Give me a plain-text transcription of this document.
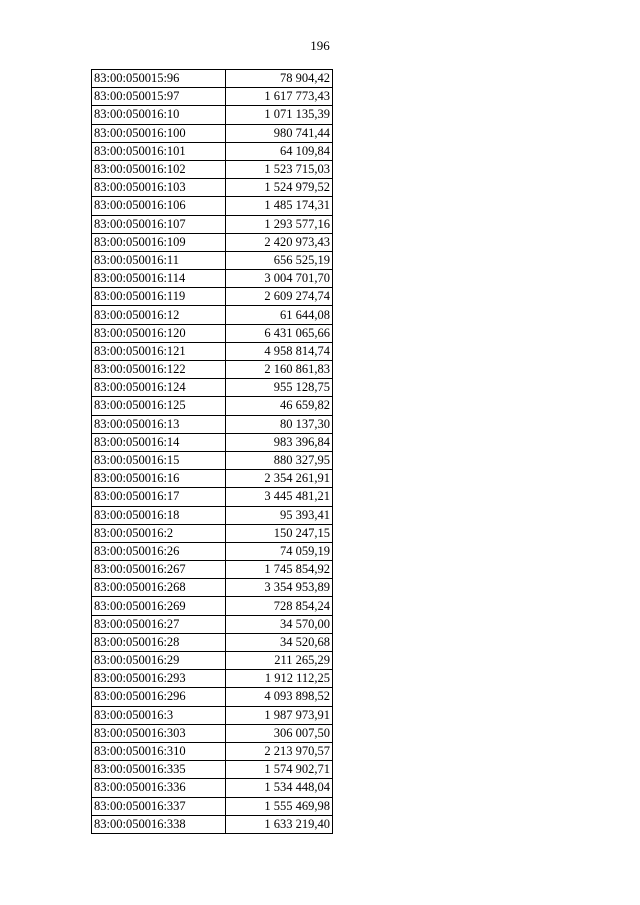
196
83:00:050015:96	78 904,42
83:00:050015:97	1 617 773,43
83:00:050016:10	1 071 135,39
83:00:050016:100	980 741,44
83:00:050016:101	64 109,84
83:00:050016:102	1 523 715,03
83:00:050016:103	1 524 979,52
83:00:050016:106	1 485 174,31
83:00:050016:107	1 293 577,16
83:00:050016:109	2 420 973,43
83:00:050016:11	656 525,19
83:00:050016:114	3 004 701,70
83:00:050016:119	2 609 274,74
83:00:050016:12	61 644,08
83:00:050016:120	6 431 065,66
83:00:050016:121	4 958 814,74
83:00:050016:122	2 160 861,83
83:00:050016:124	955 128,75
83:00:050016:125	46 659,82
83:00:050016:13	80 137,30
83:00:050016:14	983 396,84
83:00:050016:15	880 327,95
83:00:050016:16	2 354 261,91
83:00:050016:17	3 445 481,21
83:00:050016:18	95 393,41
83:00:050016:2	150 247,15
83:00:050016:26	74 059,19
83:00:050016:267	1 745 854,92
83:00:050016:268	3 354 953,89
83:00:050016:269	728 854,24
83:00:050016:27	34 570,00
83:00:050016:28	34 520,68
83:00:050016:29	211 265,29
83:00:050016:293	1 912 112,25
83:00:050016:296	4 093 898,52
83:00:050016:3	1 987 973,91
83:00:050016:303	306 007,50
83:00:050016:310	2 213 970,57
83:00:050016:335	1 574 902,71
83:00:050016:336	1 534 448,04
83:00:050016:337	1 555 469,98
83:00:050016:338	1 633 219,40
